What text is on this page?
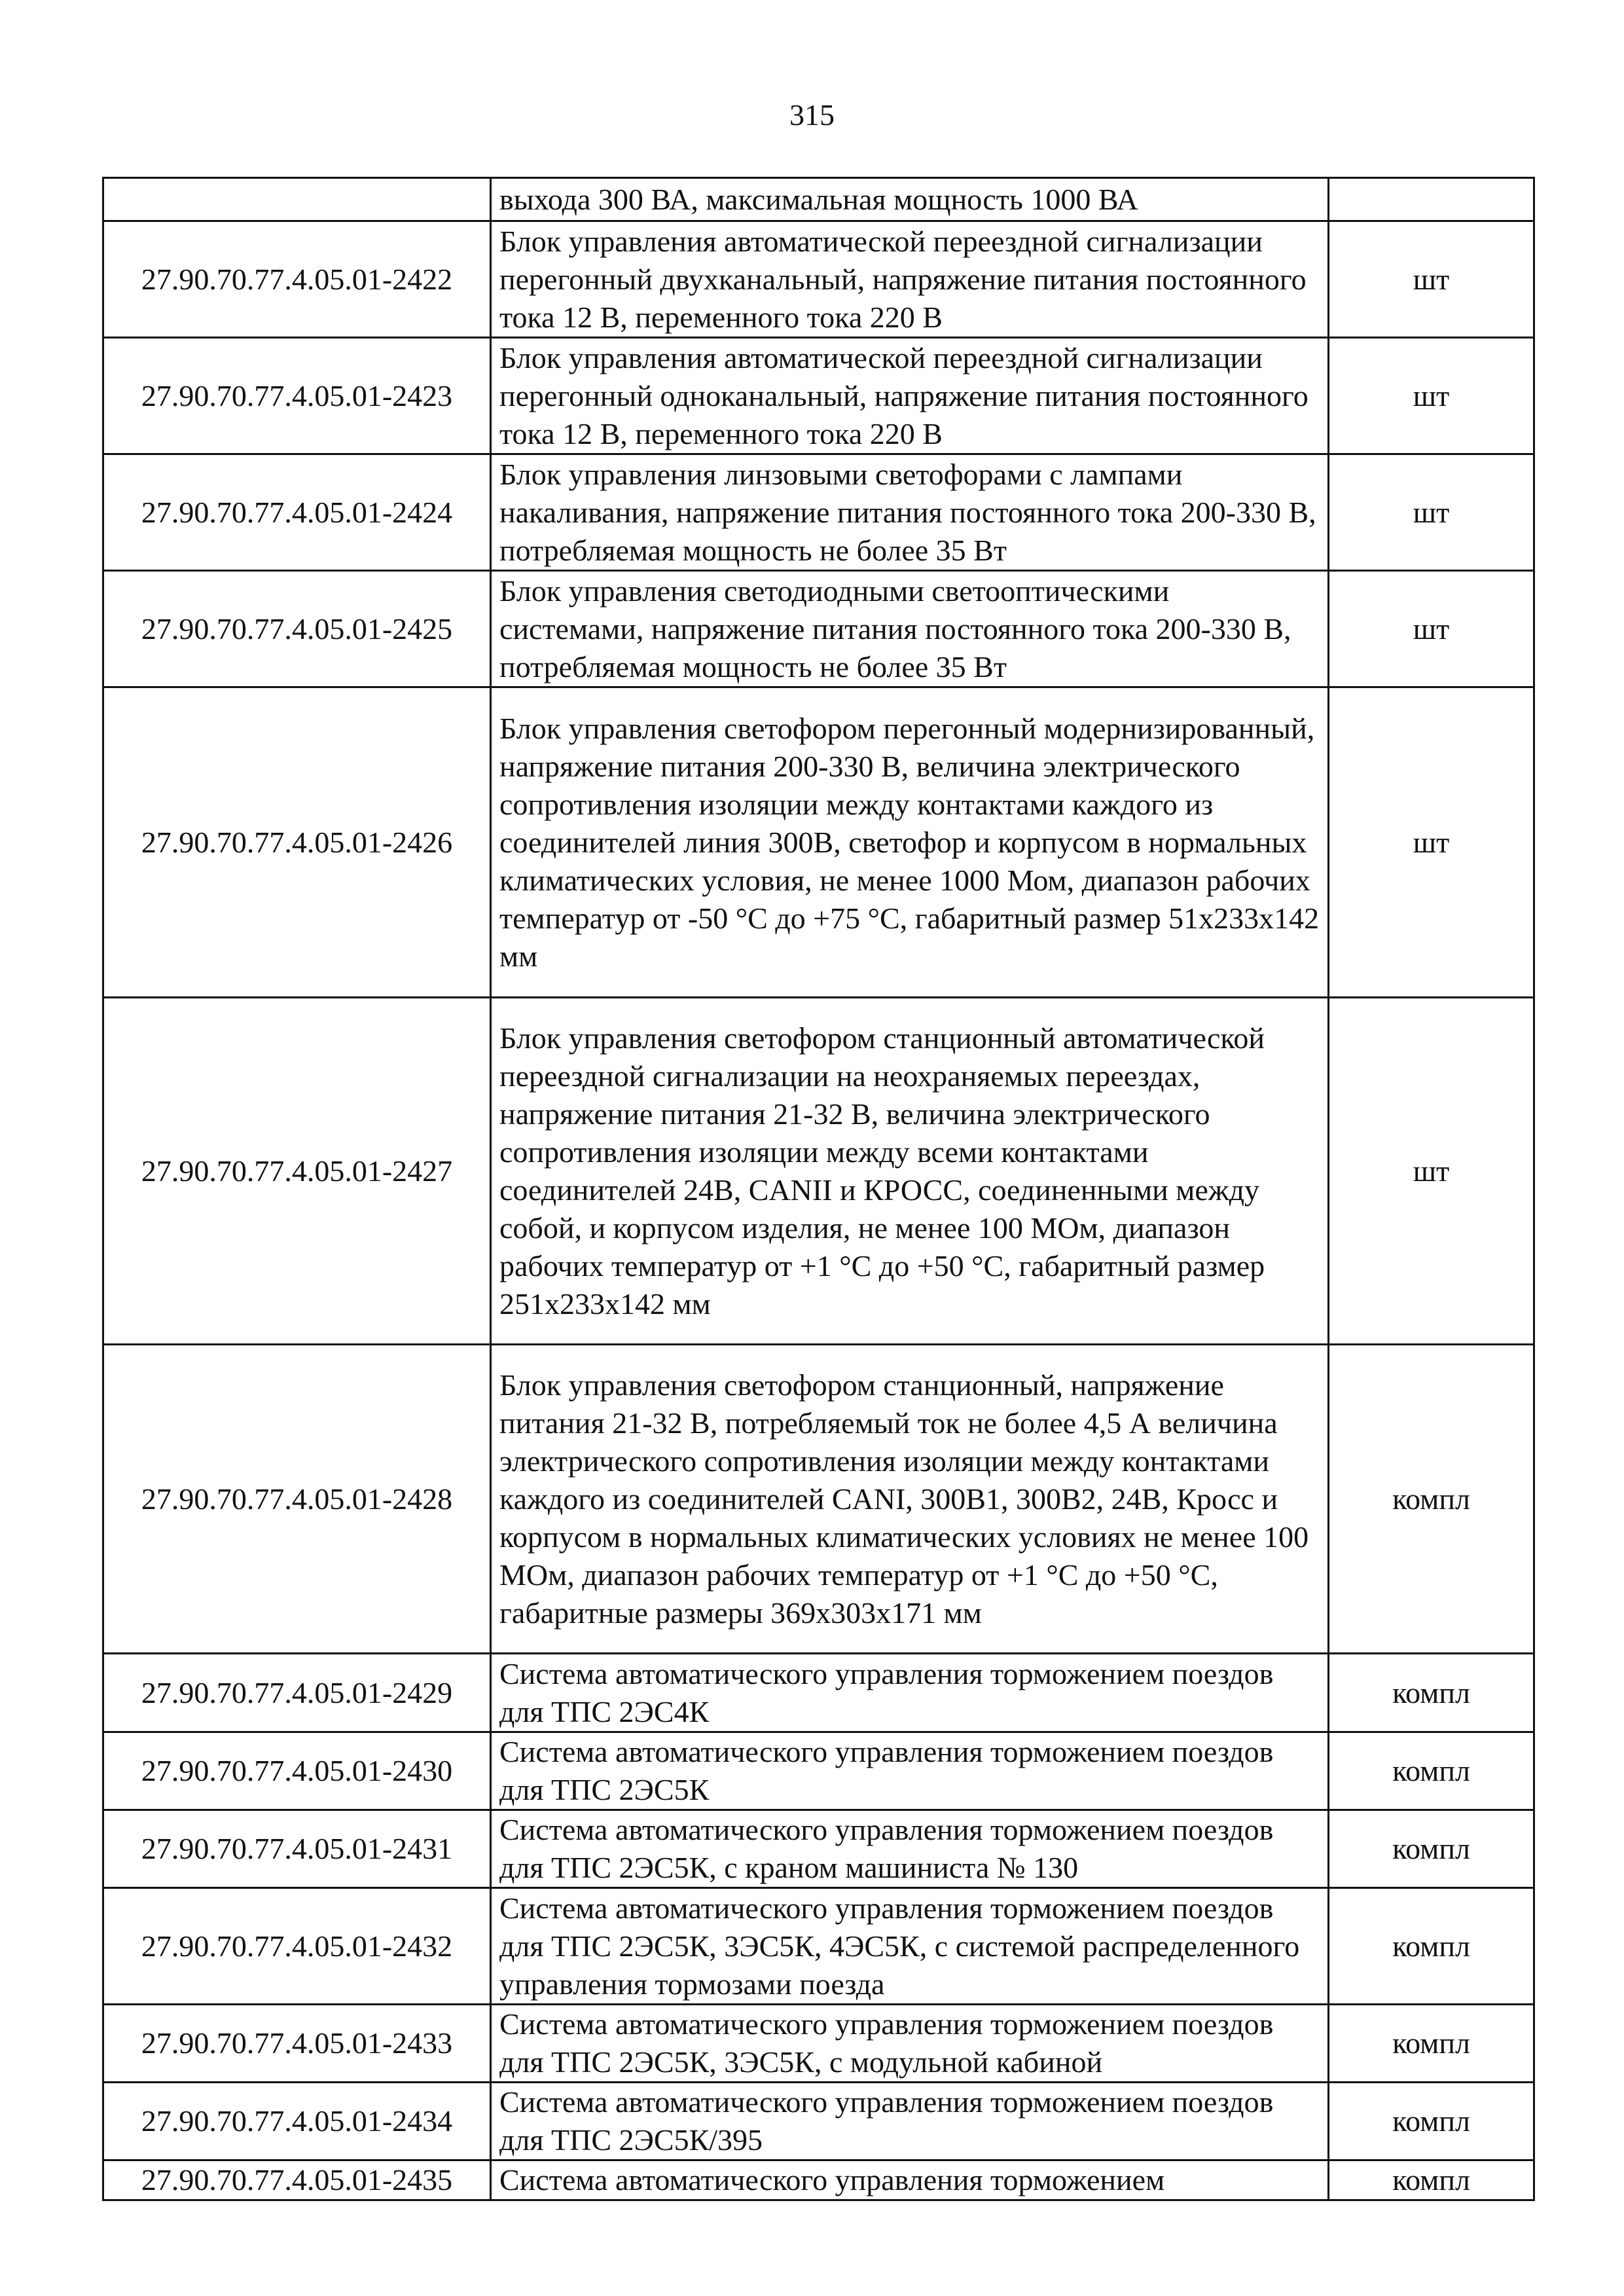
315
	выхода 300 ВА, максимальная мощность 1000 ВА	
27.90.70.77.4.05.01-2422	Блок управления автоматической переездной сигнализации перегонный двухканальный, напряжение питания постоянного тока 12 В, переменного тока 220 В	шт
27.90.70.77.4.05.01-2423	Блок управления автоматической переездной сигнализации перегонный одноканальный, напряжение питания постоянного тока 12 В, переменного тока 220 В	шт
27.90.70.77.4.05.01-2424	Блок управления линзовыми светофорами с лампами накаливания, напряжение питания постоянного тока 200-330 В, потребляемая мощность не более 35 Вт	шт
27.90.70.77.4.05.01-2425	Блок управления светодиодными светооптическими системами, напряжение питания постоянного тока 200-330 В, потребляемая мощность не более 35 Вт	шт
27.90.70.77.4.05.01-2426	Блок управления светофором перегонный модернизированный, напряжение питания 200-330 В, величина электрического сопротивления изоляции между контактами каждого из соединителей линия 300В, светофор и корпусом в нормальных климатических условия, не менее 1000 Мом, диапазон рабочих температур от -50 °С до +75 °С, габаритный размер 51х233х142 мм	шт
27.90.70.77.4.05.01-2427	Блок управления светофором станционный автоматической переездной сигнализации на неохраняемых переездах, напряжение питания 21-32 В, величина электрического сопротивления изоляции между всеми контактами соединителей 24В, CANII и КРОСС, соединенными между собой, и корпусом изделия, не менее 100 МОм, диапазон рабочих температур от +1 °С до +50 °С, габаритный размер 251х233х142 мм	шт
27.90.70.77.4.05.01-2428	Блок управления светофором станционный, напряжение питания 21-32 В, потребляемый ток не более 4,5 А величина электрического сопротивления изоляции между контактами каждого из соединителей CANI, 300В1, 300В2, 24В, Кросс и корпусом в нормальных климатических условиях не менее 100 МОм, диапазон рабочих температур от +1 °С до +50 °С, габаритные размеры 369х303х171 мм	компл
27.90.70.77.4.05.01-2429	Система автоматического управления торможением поездов для ТПС 2ЭС4К	компл
27.90.70.77.4.05.01-2430	Система автоматического управления торможением поездов для ТПС 2ЭС5К	компл
27.90.70.77.4.05.01-2431	Система автоматического управления торможением поездов для ТПС 2ЭС5К, с краном машиниста № 130	компл
27.90.70.77.4.05.01-2432	Система автоматического управления торможением поездов для ТПС 2ЭС5К, 3ЭС5К, 4ЭС5К, с системой распределенного управления тормозами поезда	компл
27.90.70.77.4.05.01-2433	Система автоматического управления торможением поездов для ТПС 2ЭС5К, 3ЭС5К, с модульной кабиной	компл
27.90.70.77.4.05.01-2434	Система автоматического управления торможением поездов для ТПС 2ЭС5К/395	компл
27.90.70.77.4.05.01-2435	Система автоматического управления торможением	компл
